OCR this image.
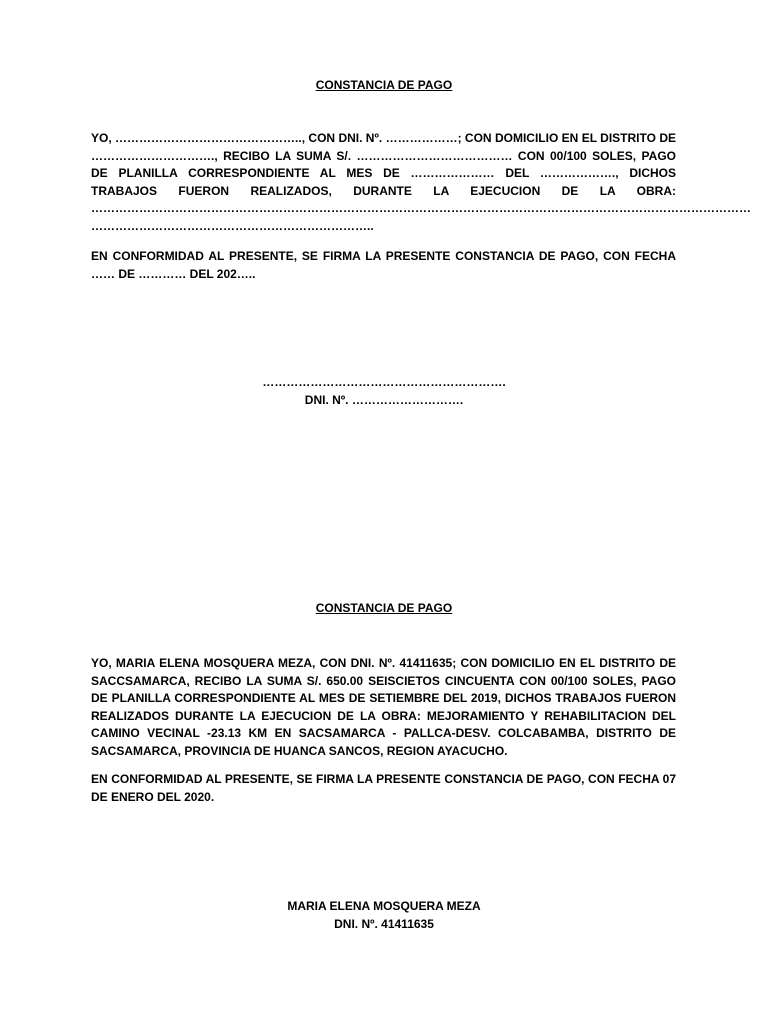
CONSTANCIA DE PAGO

YO, ……………………………………….., CON DNI. Nº. ………………; CON DOMICILIO EN EL DISTRITO DE …………………………., RECIBO LA SUMA S/. ………………………………… CON 00/100 SOLES, PAGO DE PLANILLA CORRESPONDIENTE AL MES DE ………………… DEL ………………., DICHOS TRABAJOS FUERON REALIZADOS, DURANTE LA EJECUCION DE LA OBRA: ………………………………………………………………………………………………………………………………………………… ……………………………………………………………..

EN CONFORMIDAD AL PRESENTE, SE FIRMA LA PRESENTE CONSTANCIA DE PAGO, CON FECHA …… DE ………… DEL 202…..

…………………………………………………….
DNI. Nº. ……………………….
CONSTANCIA DE PAGO

YO, MARIA ELENA MOSQUERA MEZA, CON DNI. Nº. 41411635; CON DOMICILIO EN EL DISTRITO DE SACCSAMARCA, RECIBO LA SUMA S/. 650.00 SEISCIETOS CINCUENTA CON 00/100 SOLES, PAGO DE PLANILLA CORRESPONDIENTE AL MES DE SETIEMBRE DEL 2019, DICHOS TRABAJOS FUERON REALIZADOS DURANTE LA EJECUCION DE LA OBRA: MEJORAMIENTO Y REHABILITACION DEL CAMINO VECINAL -23.13 KM EN SACSAMARCA - PALLCA-DESV. COLCABAMBA, DISTRITO DE SACSAMARCA, PROVINCIA DE HUANCA SANCOS, REGION AYACUCHO.

EN CONFORMIDAD AL PRESENTE, SE FIRMA LA PRESENTE CONSTANCIA DE PAGO, CON FECHA 07 DE ENERO DEL 2020.

MARIA ELENA MOSQUERA MEZA
DNI. Nº. 41411635
